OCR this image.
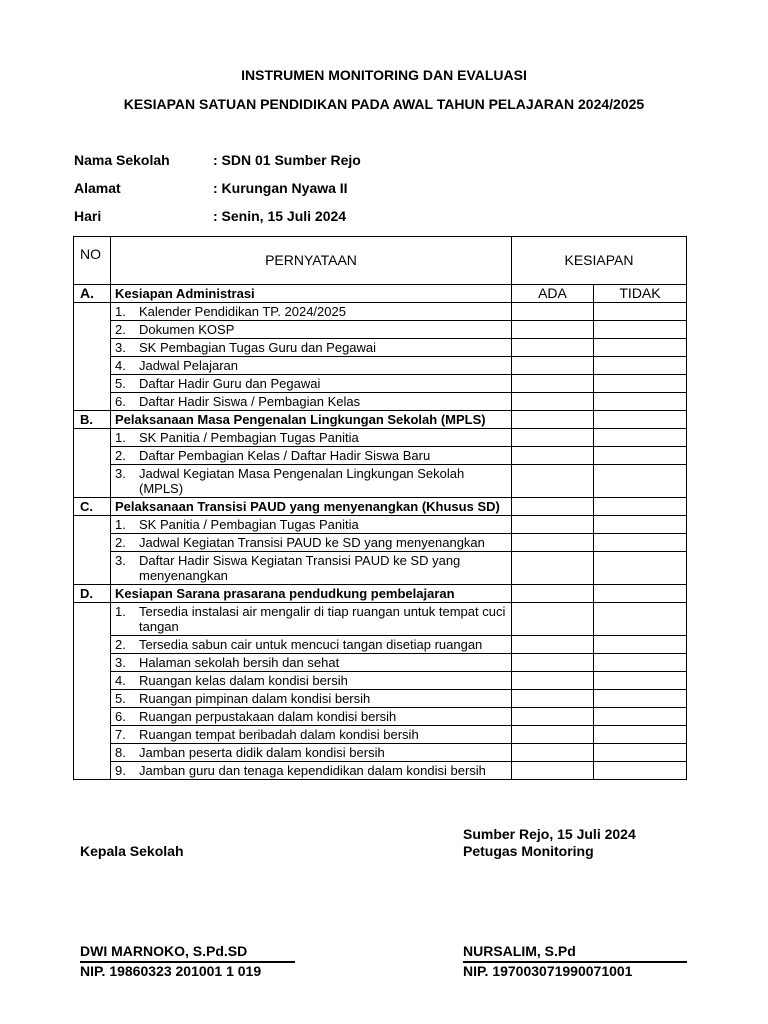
INSTRUMEN MONITORING DAN EVALUASI
KESIAPAN SATUAN PENDIDIKAN PADA AWAL TAHUN PELAJARAN 2024/2025
Nama Sekolah	: SDN 01 Sumber Rejo
Alamat	: Kurungan Nyawa II
Hari	: Senin, 15 Juli 2024
NO	PERNYATAAN	KESIAPAN	
A.	Kesiapan Administrasi	ADA	TIDAK

	1. Kalender Pendidikan TP. 2024/2025		

	2. Dokumen KOSP		

	3. SK Pembagian Tugas Guru dan Pegawai		

	4. Jadwal Pelajaran		

	5. Daftar Hadir Guru dan Pegawai		

	6. Daftar Hadir Siswa / Pembagian Kelas		
B.	Pelaksanaan Masa Pengenalan Lingkungan Sekolah (MPLS)		

	1. SK Panitia / Pembagian Tugas Panitia		

	2. Daftar Pembagian Kelas / Daftar Hadir Siswa Baru		

	3. Jadwal Kegiatan Masa Pengenalan Lingkungan Sekolah (MPLS)		
C.	Pelaksanaan Transisi PAUD yang menyenangkan (Khusus SD)		

	1. SK Panitia / Pembagian Tugas Panitia		

	2. Jadwal Kegiatan Transisi PAUD ke SD yang menyenangkan		

	3. Daftar Hadir Siswa Kegiatan Transisi PAUD ke SD yang menyenangkan		
D.	Kesiapan Sarana prasarana pendudkung pembelajaran		

	1. Tersedia instalasi air mengalir di tiap ruangan untuk tempat cuci tangan		

	2. Tersedia sabun cair untuk mencuci tangan disetiap ruangan		

	3. Halaman sekolah bersih dan sehat		

	4. Ruangan kelas dalam kondisi bersih		

	5. Ruangan pimpinan dalam kondisi bersih		

	6. Ruangan perpustakaan dalam kondisi bersih		

	7. Ruangan tempat beribadah dalam kondisi bersih		

	8. Jamban peserta didik dalam kondisi bersih		

	9. Jamban guru dan tenaga kependidikan dalam kondisi bersih		
Sumber Rejo, 15 Juli 2024
Kepala Sekolah	Petugas Monitoring
DWI MARNOKO, S.Pd.SD
NIP. 19860323 201001 1 019
NURSALIM, S.Pd
NIP. 197003071990071001
